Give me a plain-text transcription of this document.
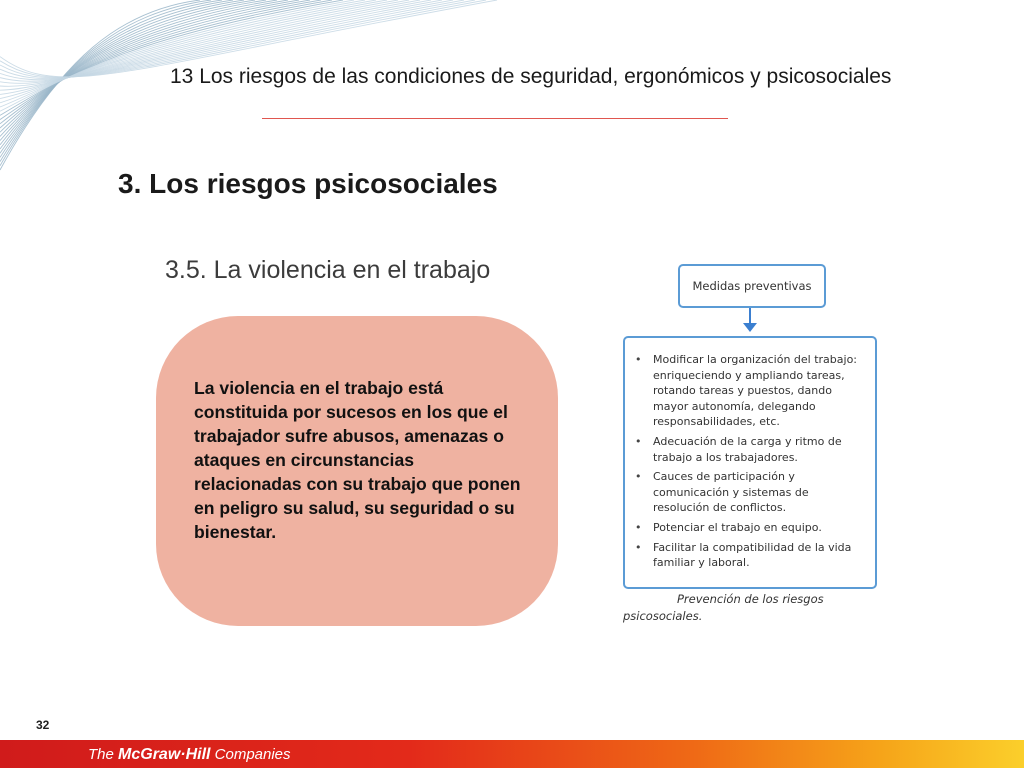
13 Los riesgos de las condiciones de seguridad, ergonómicos y psicosociales
3. Los riesgos psicosociales
3.5. La violencia en el trabajo
La violencia en el trabajo está constituida por sucesos en los que el trabajador sufre abusos, amenazas o ataques en circunstancias relacionadas con su trabajo que ponen en peligro su salud, su seguridad o su bienestar.
Medidas preventivas
• Modificar la organización del trabajo: enriqueciendo y ampliando tareas, rotando tareas y puestos, dando mayor autonomía, delegando responsabilidades, etc.
• Adecuación de la carga y ritmo de trabajo a los trabajadores.
• Cauces de participación y comunicación y sistemas de resolución de conflictos.
• Potenciar el trabajo en equipo.
• Facilitar la compatibilidad de la vida familiar y laboral.
Prevención de los riesgos
psicosociales.
32
The McGraw·Hill Companies
